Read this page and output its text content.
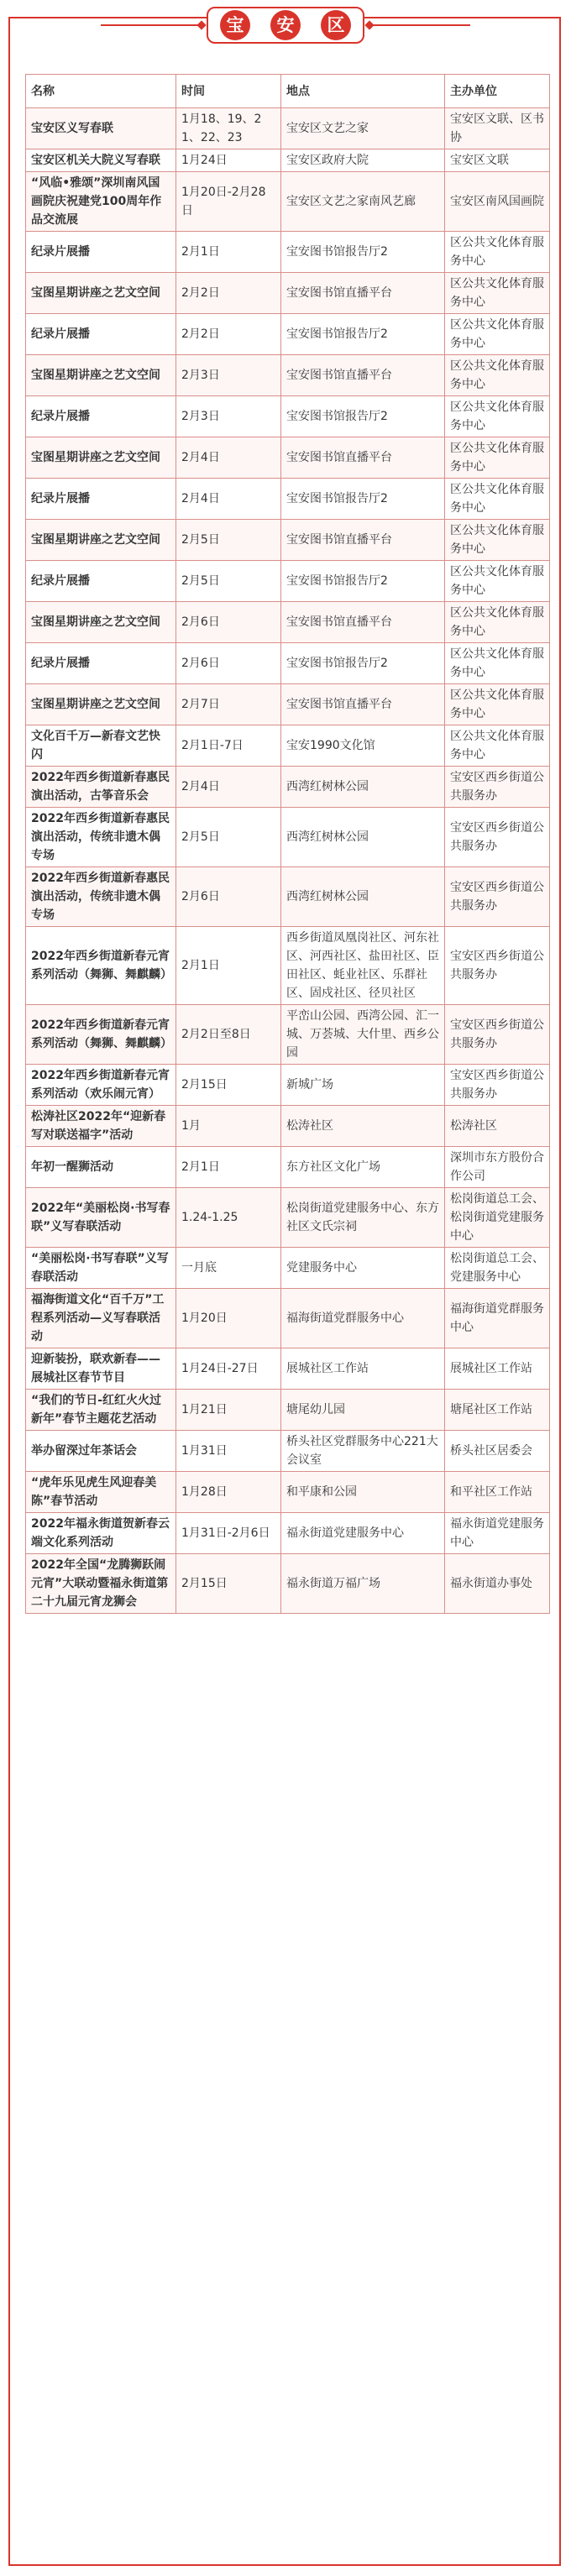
宝	安	区
名称	时间	地点	主办单位
宝安区义写春联	1月18、19、21、22、23	宝安区文艺之家	宝安区文联、区书协
宝安区机关大院义写春联	1月24日	宝安区政府大院	宝安区文联
“风临•雅颂”深圳南风国画院庆祝建党100周年作品交流展	1月20日-2月28日	宝安区文艺之家南风艺廊	宝安区南风国画院
纪录片展播	2月1日	宝安图书馆报告厅2	区公共文化体育服务中心
宝图星期讲座之艺文空间	2月2日	宝安图书馆直播平台	区公共文化体育服务中心
纪录片展播	2月2日	宝安图书馆报告厅2	区公共文化体育服务中心
宝图星期讲座之艺文空间	2月3日	宝安图书馆直播平台	区公共文化体育服务中心
纪录片展播	2月3日	宝安图书馆报告厅2	区公共文化体育服务中心
宝图星期讲座之艺文空间	2月4日	宝安图书馆直播平台	区公共文化体育服务中心
纪录片展播	2月4日	宝安图书馆报告厅2	区公共文化体育服务中心
宝图星期讲座之艺文空间	2月5日	宝安图书馆直播平台	区公共文化体育服务中心
纪录片展播	2月5日	宝安图书馆报告厅2	区公共文化体育服务中心
宝图星期讲座之艺文空间	2月6日	宝安图书馆直播平台	区公共文化体育服务中心
纪录片展播	2月6日	宝安图书馆报告厅2	区公共文化体育服务中心
宝图星期讲座之艺文空间	2月7日	宝安图书馆直播平台	区公共文化体育服务中心
文化百千万—新春文艺快闪	2月1日-7日	宝安1990文化馆	区公共文化体育服务中心
2022年西乡街道新春惠民演出活动，古筝音乐会	2月4日	西湾红树林公园	宝安区西乡街道公共服务办
2022年西乡街道新春惠民演出活动，传统非遗木偶专场	2月5日	西湾红树林公园	宝安区西乡街道公共服务办
2022年西乡街道新春惠民演出活动，传统非遗木偶专场	2月6日	西湾红树林公园	宝安区西乡街道公共服务办
2022年西乡街道新春元宵系列活动（舞狮、舞麒麟）	2月1日	西乡街道凤凰岗社区、河东社区、河西社区、盐田社区、臣田社区、蚝业社区、乐群社区、固戍社区、径贝社区	宝安区西乡街道公共服务办
2022年西乡街道新春元宵系列活动（舞狮、舞麒麟）	2月2日至8日	平峦山公园、西湾公园、汇一城、万荟城、大什里、西乡公园	宝安区西乡街道公共服务办
2022年西乡街道新春元宵系列活动（欢乐闹元宵）	2月15日	新城广场	宝安区西乡街道公共服务办
松涛社区2022年“迎新春写对联送福字”活动	1月	松涛社区	松涛社区
年初一醒狮活动	2月1日	东方社区文化广场	深圳市东方股份合作公司
2022年“美丽松岗·书写春联”义写春联活动	1.24-1.25	松岗街道党建服务中心、东方社区文氏宗祠	松岗街道总工会、松岗街道党建服务中心
“美丽松岗·书写春联”义写春联活动	一月底	党建服务中心	松岗街道总工会、党建服务中心
福海街道文化“百千万”工程系列活动—义写春联活动	1月20日	福海街道党群服务中心	福海街道党群服务中心
迎新装扮，联欢新春——展城社区春节节目	1月24日-27日	展城社区工作站	展城社区工作站
“我们的节日-红红火火过新年”春节主题花艺活动	1月21日	塘尾幼儿园	塘尾社区工作站
举办留深过年茶话会	1月31日	桥头社区党群服务中心221大会议室	桥头社区居委会
“虎年乐见虎生风迎春美陈”春节活动	1月28日	和平康和公园	和平社区工作站
2022年福永街道贺新春云端文化系列活动	1月31日-2月6日	福永街道党建服务中心	福永街道党建服务中心
2022年全国“龙腾狮跃闹元宵”大联动暨福永街道第二十九届元宵龙狮会	2月15日	福永街道万福广场	福永街道办事处
